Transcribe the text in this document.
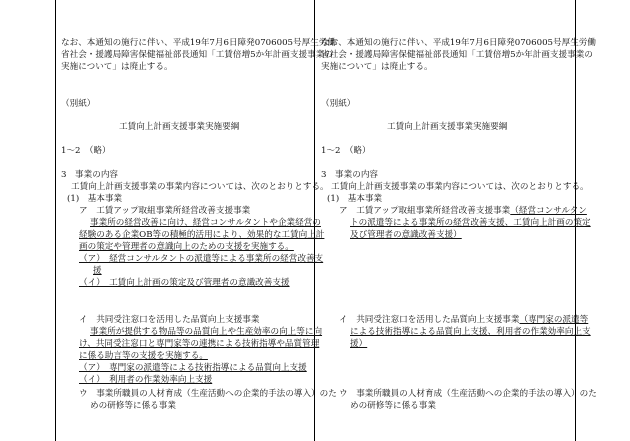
なお、本通知の施行に伴い、平成19年7月6日障発0706005号厚生労働
省社会・援護局障害保健福祉部長通知「工賃倍増5か年計画支援事業の
実施について」は廃止する。
（別紙）
工賃向上計画支援事業実施要綱
1〜2　（略）
3　事業の内容
工賃向上計画支援事業の事業内容については、次のとおりとする。
(1)　基本事業
ア　工賃アップ取組事業所経営改善支援事業
事業所の経営改善に向け、経営コンサルタントや企業経営の
経験のある企業OB等の積極的活用により、効果的な工賃向上計
画の策定や管理者の意識向上のための支援を実施する。
（ア）　経営コンサルタントの派遣等による事業所の経営改善支
援
（イ）　工賃向上計画の策定及び管理者の意識改善支援
イ　共同受注窓口を活用した品質向上支援事業
事業所が提供する物品等の品質向上や生産効率の向上等に向
け、共同受注窓口と専門家等の連携による技術指導や品質管理
に係る助言等の支援を実施する。
（ア）　専門家の派遣等による技術指導による品質向上支援
（イ）　利用者の作業効率向上支援
ウ　事業所職員の人材育成（生産活動への企業的手法の導入）のた
めの研修等に係る事業
なお、本通知の施行に伴い、平成19年7月6日障発0706005号厚生労働
省社会・援護局障害保健福祉部長通知「工賃倍増5か年計画支援事業の
実施について」は廃止する。
（別紙）
工賃向上計画支援事業実施要綱
1〜2　（略）
3　事業の内容
工賃向上計画支援事業の事業内容については、次のとおりとする。
(1)　基本事業
ア　工賃アップ取組事業所経営改善支援事業（経営コンサルタン
トの派遣等による事業所の経営改善支援、工賃向上計画の策定
及び管理者の意識改善支援）
イ　共同受注窓口を活用した品質向上支援事業（専門家の派遣等
による技術指導による品質向上支援、利用者の作業効率向上支
援）
ウ　事業所職員の人材育成（生産活動への企業的手法の導入）のた
めの研修等に係る事業
